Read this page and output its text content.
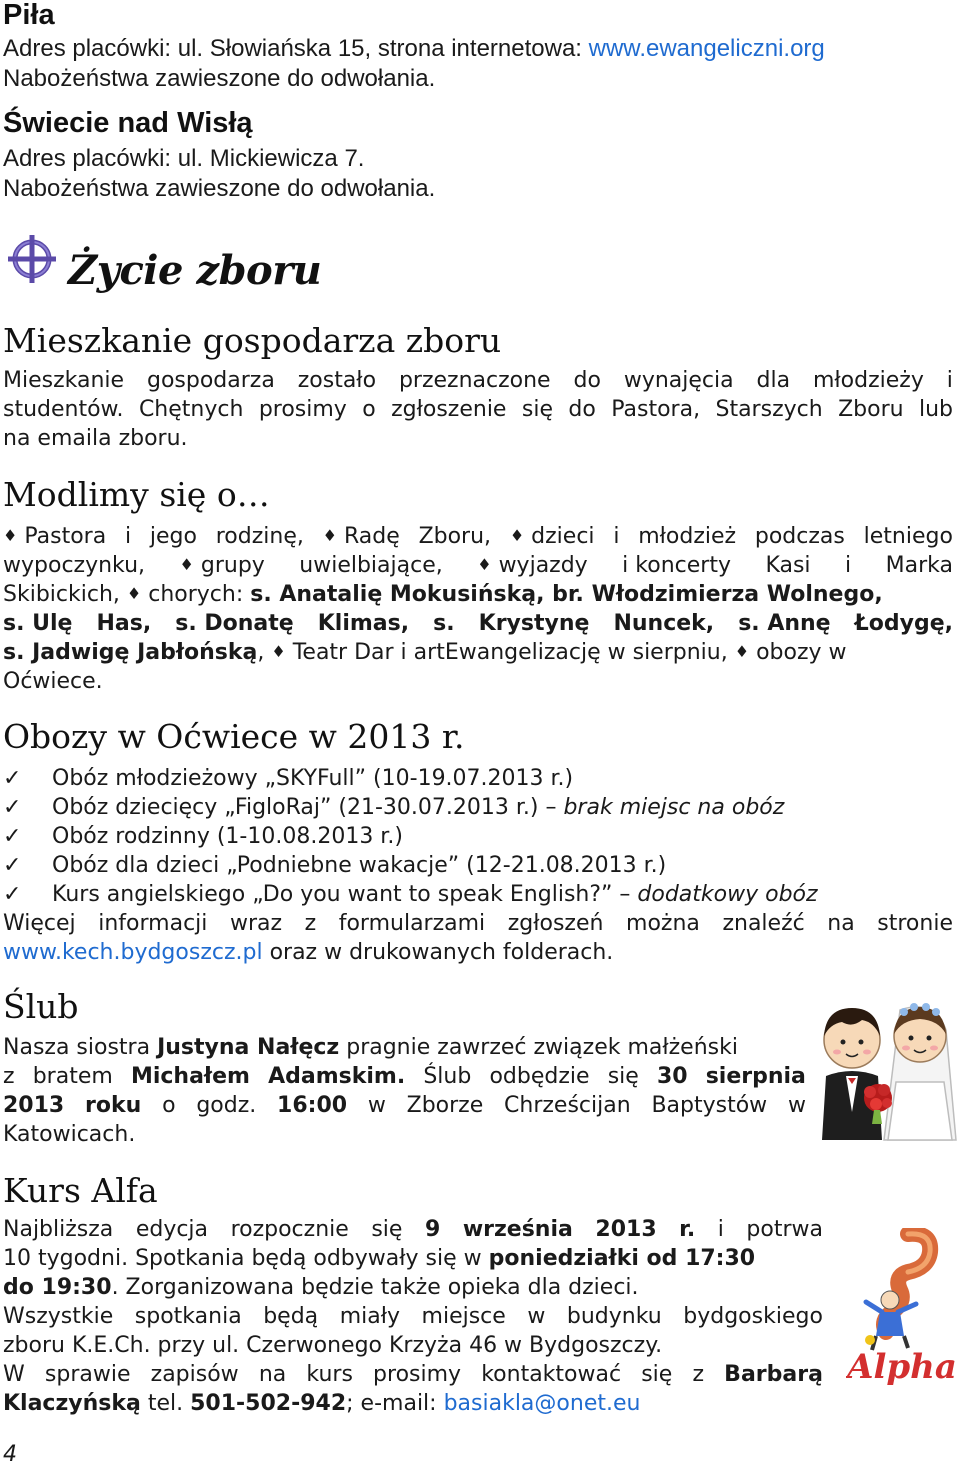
Piła
Adres placówki: ul. Słowiańska 15, strona internetowa: www.ewangeliczni.org
Nabożeństwa zawieszone do odwołania.
Świecie nad Wisłą
Adres placówki: ul. Mickiewicza 7.
Nabożeństwa zawieszone do odwołania.
Życie zboru
Mieszkanie gospodarza zboru
Mieszkanie gospodarza zostało przeznaczone do wynajęcia dla młodzieży i
studentów. Chętnych prosimy o zgłoszenie się do Pastora, Starszych Zboru lub
na emaila zboru.
Modlimy się o…
♦ Pastora i jego rodzinę, ♦ Radę Zboru, ♦ dzieci i młodzież podczas letniego
wypoczynku, ♦ grupy uwielbiające, ♦ wyjazdy i koncerty Kasi i Marka
Skibickich, ♦ chorych: s. Anatalię Mokusińską, br. Włodzimierza Wolnego,
s. Ulę Has, s. Donatę Klimas, s. Krystynę Nuncek, s. Annę Łodygę,
s. Jadwigę Jabłońską, ♦ Teatr Dar i artEwangelizację w sierpniu, ♦ obozy w
Oćwiece.
Obozy w Oćwiece w 2013 r.
✓ Obóz młodzieżowy „SKYFull” (10-19.07.2013 r.)
✓ Obóz dziecięcy „FigloRaj” (21-30.07.2013 r.) – brak miejsc na obóz
✓ Obóz rodzinny (1-10.08.2013 r.)
✓ Obóz dla dzieci „Podniebne wakacje” (12-21.08.2013 r.)
✓ Kurs angielskiego „Do you want to speak English?” – dodatkowy obóz
Więcej informacji wraz z formularzami zgłoszeń można znaleźć na stronie
www.kech.bydgoszcz.pl oraz w drukowanych folderach.
Ślub
Nasza siostra Justyna Nałęcz pragnie zawrzeć związek małżeński
z bratem Michałem Adamskim. Ślub odbędzie się 30 sierpnia
2013 roku o godz. 16:00 w Zborze Chrześcijan Baptystów w
Katowicach.
Kurs Alfa
Najbliższa edycja rozpocznie się 9 września 2013 r. i potrwa
10 tygodni. Spotkania będą odbywały się w poniedziałki od 17:30
do 19:30. Zorganizowana będzie także opieka dla dzieci.
Wszystkie spotkania będą miały miejsce w budynku bydgoskiego
zboru K.E.Ch. przy ul. Czerwonego Krzyża 46 w Bydgoszczy.
W sprawie zapisów na kurs prosimy kontaktować się z Barbarą
Klaczyńską tel. 501-502-942; e-mail: basiakla@onet.eu
Alpha
4
